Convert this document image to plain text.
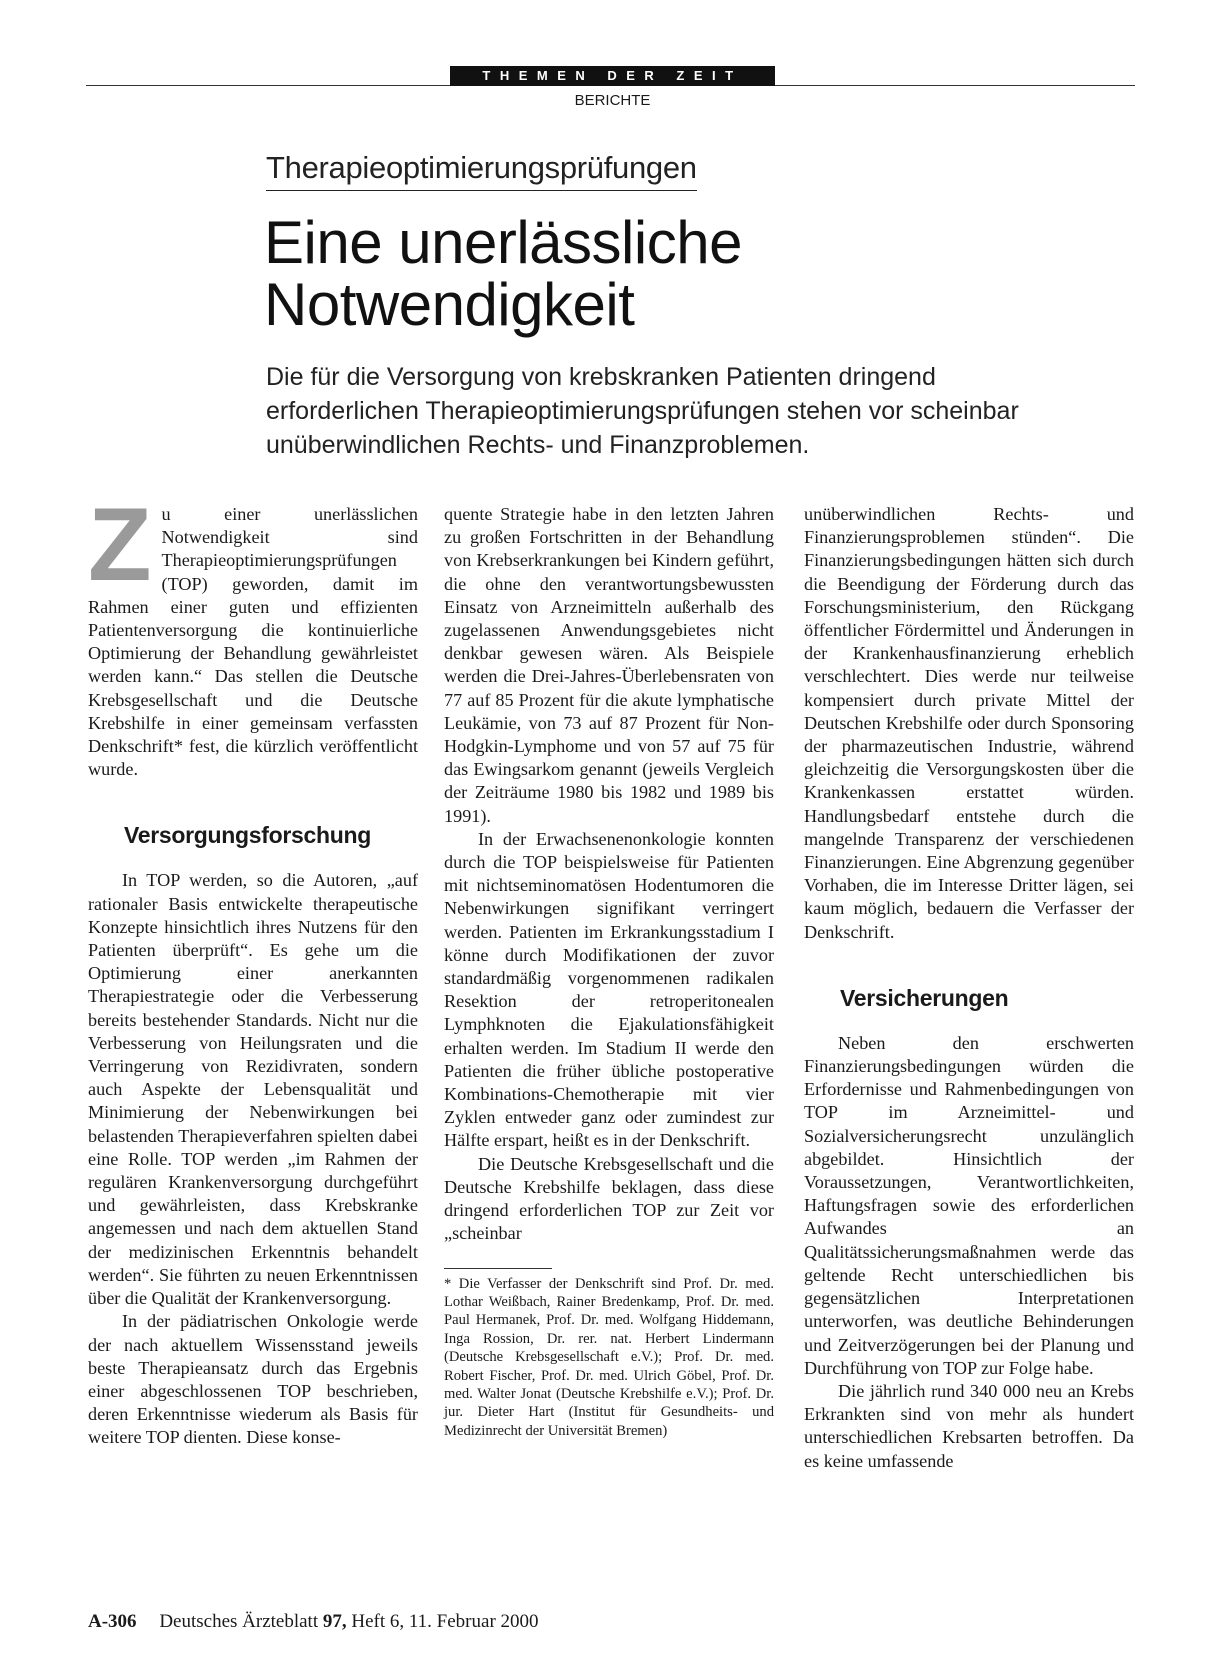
THEMEN DER ZEIT
BERICHTE
Therapieoptimierungsprüfungen
Eine unerlässliche
Notwendigkeit

Die für die Versorgung von krebskranken Patienten dringend erforderlichen Therapieoptimierungsprüfungen stehen vor scheinbar unüberwindlichen Rechts- und Finanzproblemen.

Zu einer unerlässlichen Notwendigkeit sind Therapieoptimierungsprüfungen (TOP) geworden, damit im Rahmen einer guten und effizienten Patientenversorgung die kontinuierliche Optimierung der Behandlung gewährleistet werden kann.“ Das stellen die Deutsche Krebsgesellschaft und die Deutsche Krebshilfe in einer gemeinsam verfassten Denkschrift* fest, die kürzlich veröffentlicht wurde.

Versorgungsforschung

In TOP werden, so die Autoren, „auf rationaler Basis entwickelte therapeutische Konzepte hinsichtlich ihres Nutzens für den Patienten überprüft“. Es gehe um die Optimierung einer anerkannten Therapiestrategie oder die Verbesserung bereits bestehender Standards. Nicht nur die Verbesserung von Heilungsraten und die Verringerung von Rezidivraten, sondern auch Aspekte der Lebensqualität und Minimierung der Nebenwirkungen bei belastenden Therapieverfahren spielten dabei eine Rolle. TOP werden „im Rahmen der regulären Krankenversorgung durchgeführt und gewährleisten, dass Krebskranke angemessen und nach dem aktuellen Stand der medizinischen Erkenntnis behandelt werden“. Sie führten zu neuen Erkenntnissen über die Qualität der Krankenversorgung.

In der pädiatrischen Onkologie werde der nach aktuellem Wissensstand jeweils beste Therapieansatz durch das Ergebnis einer abgeschlossenen TOP beschrieben, deren Erkenntnisse wiederum als Basis für weitere TOP dienten. Diese konse-

quente Strategie habe in den letzten Jahren zu großen Fortschritten in der Behandlung von Krebserkrankungen bei Kindern geführt, die ohne den verantwortungsbewussten Einsatz von Arzneimitteln außerhalb des zugelassenen Anwendungsgebietes nicht denkbar gewesen wären. Als Beispiele werden die Drei-Jahres-Überlebensraten von 77 auf 85 Prozent für die akute lymphatische Leukämie, von 73 auf 87 Prozent für Non-Hodgkin-Lymphome und von 57 auf 75 für das Ewingsarkom genannt (jeweils Vergleich der Zeiträume 1980 bis 1982 und 1989 bis 1991).

In der Erwachsenenonkologie konnten durch die TOP beispielsweise für Patienten mit nichtseminomatösen Hodentumoren die Nebenwirkungen signifikant verringert werden. Patienten im Erkrankungsstadium I könne durch Modifikationen der zuvor standardmäßig vorgenommenen radikalen Resektion der retroperitonealen Lymphknoten die Ejakulationsfähigkeit erhalten werden. Im Stadium II werde den Patienten die früher übliche postoperative Kombinations-Chemotherapie mit vier Zyklen entweder ganz oder zumindest zur Hälfte erspart, heißt es in der Denkschrift.

Die Deutsche Krebsgesellschaft und die Deutsche Krebshilfe beklagen, dass diese dringend erforderlichen TOP zur Zeit vor „scheinbar

* Die Verfasser der Denkschrift sind Prof. Dr. med. Lothar Weißbach, Rainer Bredenkamp, Prof. Dr. med. Paul Hermanek, Prof. Dr. med. Wolfgang Hiddemann, Inga Rossion, Dr. rer. nat. Herbert Lindermann (Deutsche Krebsgesellschaft e.V.); Prof. Dr. med. Robert Fischer, Prof. Dr. med. Ulrich Göbel, Prof. Dr. med. Walter Jonat (Deutsche Krebshilfe e.V.); Prof. Dr. jur. Dieter Hart (Institut für Gesundheits- und Medizinrecht der Universität Bremen)

unüberwindlichen Rechts- und Finanzierungsproblemen stünden“. Die Finanzierungsbedingungen hätten sich durch die Beendigung der Förderung durch das Forschungsministerium, den Rückgang öffentlicher Fördermittel und Änderungen in der Krankenhausfinanzierung erheblich verschlechtert. Dies werde nur teilweise kompensiert durch private Mittel der Deutschen Krebshilfe oder durch Sponsoring der pharmazeutischen Industrie, während gleichzeitig die Versorgungskosten über die Krankenkassen erstattet würden. Handlungsbedarf entstehe durch die mangelnde Transparenz der verschiedenen Finanzierungen. Eine Abgrenzung gegenüber Vorhaben, die im Interesse Dritter lägen, sei kaum möglich, bedauern die Verfasser der Denkschrift.

Versicherungen

Neben den erschwerten Finanzierungsbedingungen würden die Erfordernisse und Rahmenbedingungen von TOP im Arzneimittel- und Sozialversicherungsrecht unzulänglich abgebildet. Hinsichtlich der Voraussetzungen, Verantwortlichkeiten, Haftungsfragen sowie des erforderlichen Aufwandes an Qualitätssicherungsmaßnahmen werde das geltende Recht unterschiedlichen bis gegensätzlichen Interpretationen unterworfen, was deutliche Behinderungen und Zeitverzögerungen bei der Planung und Durchführung von TOP zur Folge habe.

Die jährlich rund 340 000 neu an Krebs Erkrankten sind von mehr als hundert unterschiedlichen Krebsarten betroffen. Da es keine umfassende

A-306 Deutsches Ärzteblatt 97, Heft 6, 11. Februar 2000
